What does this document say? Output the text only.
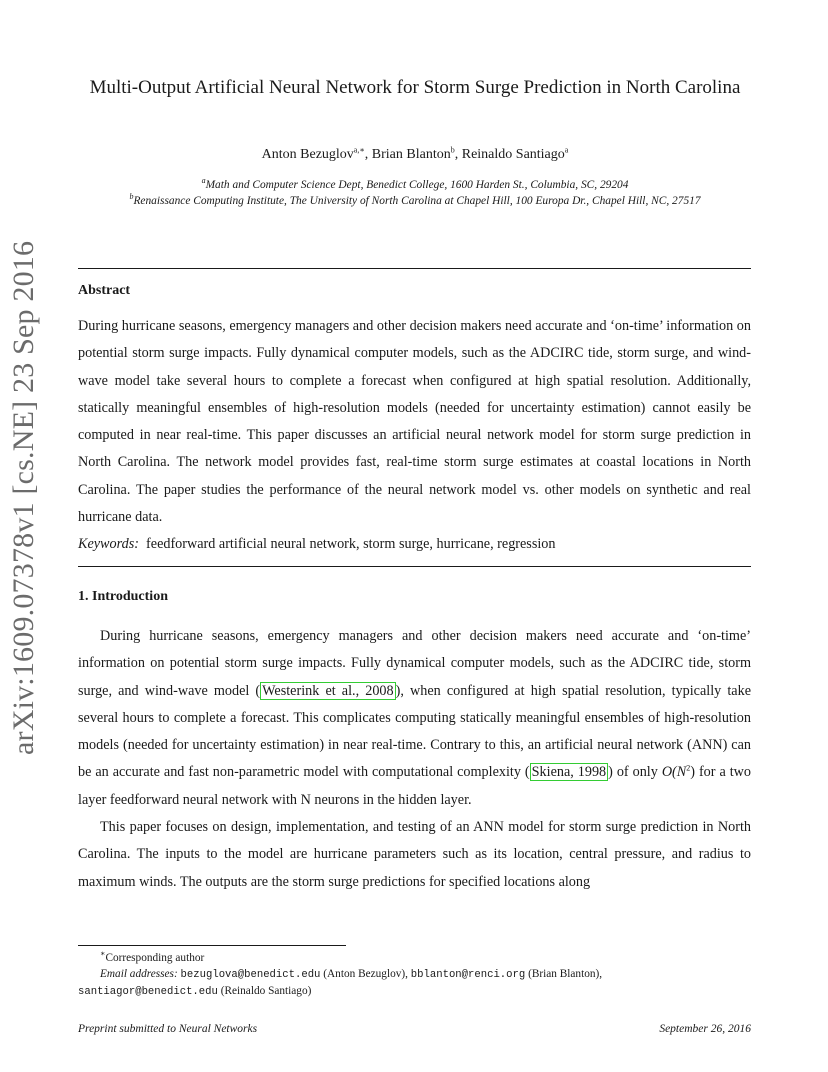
arXiv:1609.07378v1 [cs.NE] 23 Sep 2016
Multi-Output Artificial Neural Network for Storm Surge Prediction in North Carolina
Anton Bezuglov$^{a,∗}$, Brian Blanton$^b$, Reinaldo Santiago$^a$
$^a$Math and Computer Science Dept, Benedict College, 1600 Harden St., Columbia, SC, 29204
$^b$Renaissance Computing Institute, The University of North Carolina at Chapel Hill, 100 Europa Dr., Chapel Hill, NC, 27517
Abstract

During hurricane seasons, emergency managers and other decision makers need accurate and ‘on-time’ information on potential storm surge impacts. Fully dynamical computer models, such as the ADCIRC tide, storm surge, and wind-wave model take several hours to complete a forecast when configured at high spatial resolution. Additionally, statically meaningful ensembles of high-resolution models (needed for uncertainty estimation) cannot easily be computed in near real-time. This paper discusses an artificial neural network model for storm surge prediction in North Carolina. The network model provides fast, real-time storm surge estimates at coastal locations in North Carolina. The paper studies the performance of the neural network model vs. other models on synthetic and real hurricane data.

Keywords: feedforward artificial neural network, storm surge, hurricane, regression

1. Introduction

During hurricane seasons, emergency managers and other decision makers need accurate and ‘on-time’ information on potential storm surge impacts. Fully dynamical computer models, such as the ADCIRC tide, storm surge, and wind-wave model ( Westerink et al., 2008 ), when configured at high spatial resolution, typically take several hours to complete a forecast. This complicates computing statically meaningful ensembles of high-resolution models (needed for uncertainty estimation) in near real-time. Contrary to this, an artificial neural network (ANN) can be an accurate and fast non-parametric model with computational complexity ( Skiena, 1998 ) of only $O(N^2)$ for a two layer feedforward neural network with N neurons in the hidden layer.

This paper focuses on design, implementation, and testing of an ANN model for storm surge prediction in North Carolina. The inputs to the model are hurricane parameters such as its location, central pressure, and radius to maximum winds. The outputs are the storm surge predictions for specified locations along

∗Corresponding author
Email addresses: bezuglova@benedict.edu (Anton Bezuglov), bblanton@renci.org (Brian Blanton),
santiagor@benedict.edu (Reinaldo Santiago)
Preprint submitted to Neural Networks	September 26, 2016
